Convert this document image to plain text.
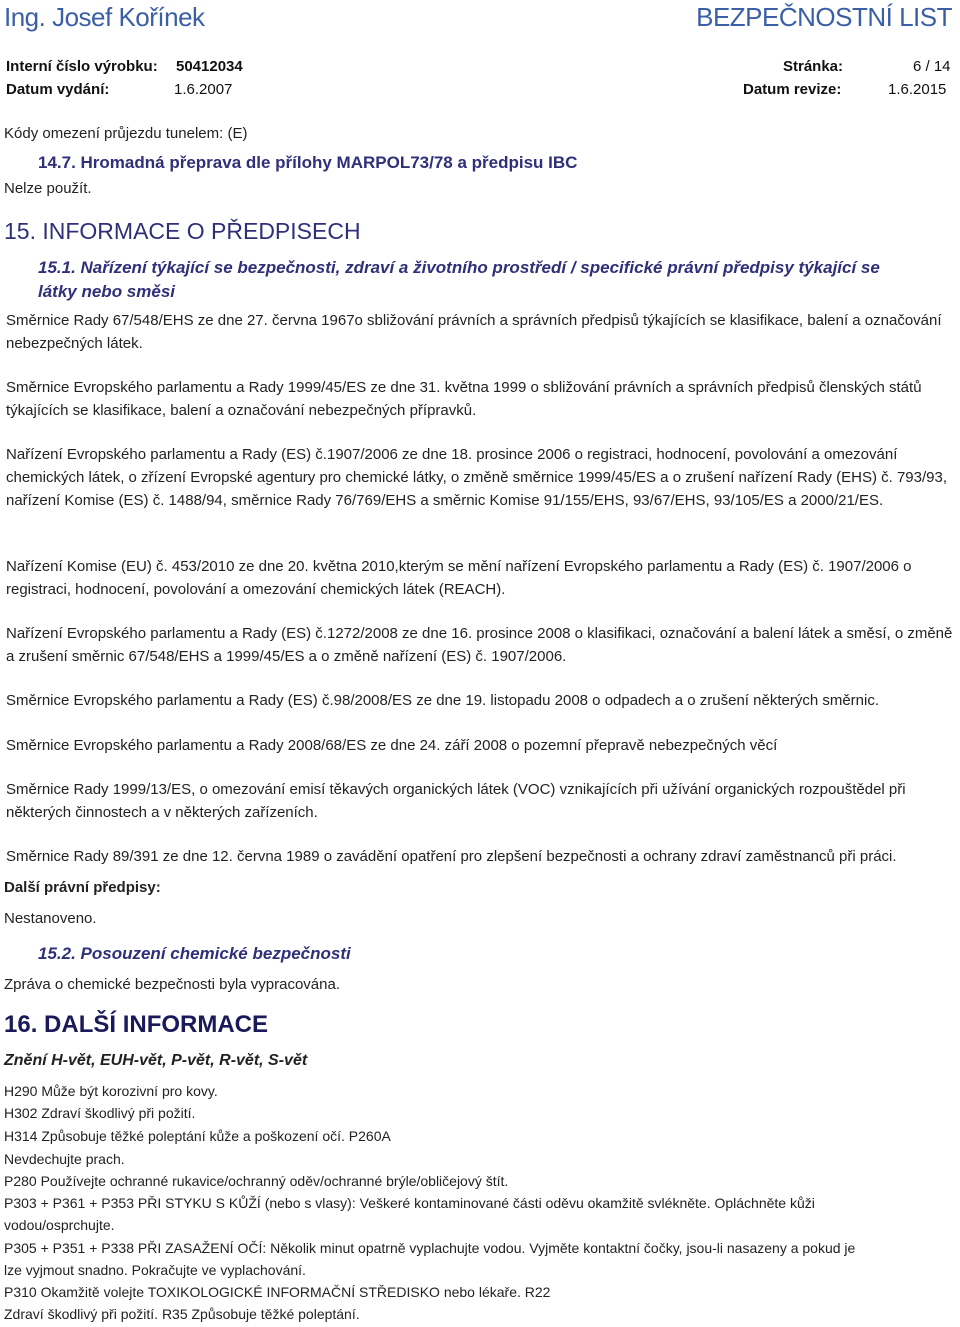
Ing. Josef Kořínek	BEZPEČNOSTNÍ LIST
Interní číslo výrobku: 50412034	Stránka:	6 / 14
Datum vydání:	1.6.2007	Datum revize:	1.6.2015
Kódy omezení průjezdu tunelem: (E)
14.7. Hromadná přeprava dle přílohy MARPOL73/78 a předpisu IBC
Nelze použít.
15. INFORMACE O PŘEDPISECH
15.1. Nařízení týkající se bezpečnosti, zdraví a životního prostředí / specifické právní předpisy týkající se látky nebo směsi
Směrnice Rady 67/548/EHS ze dne 27. června 1967o sbližování právních a správních předpisů týkajících se klasifikace, balení a označování nebezpečných látek.
Směrnice Evropského parlamentu a Rady 1999/45/ES ze dne 31. května 1999 o sbližování právních a správních předpisů členských států týkajících se klasifikace, balení a označování nebezpečných přípravků.
Nařízení Evropského parlamentu a Rady (ES) č.1907/2006 ze dne 18. prosince 2006 o registraci, hodnocení, povolování a omezování chemických látek, o zřízení Evropské agentury pro chemické látky, o změně směrnice 1999/45/ES a o zrušení nařízení Rady (EHS) č. 793/93, nařízení Komise (ES) č. 1488/94, směrnice Rady 76/769/EHS a směrnic Komise 91/155/EHS, 93/67/EHS, 93/105/ES a 2000/21/ES.
Nařízení Komise (EU) č. 453/2010 ze dne 20. května 2010,kterým se mění nařízení Evropského parlamentu a Rady (ES) č. 1907/2006 o registraci, hodnocení, povolování a omezování chemických látek (REACH).
Nařízení Evropského parlamentu a Rady (ES) č.1272/2008 ze dne 16. prosince 2008 o klasifikaci, označování a balení látek a směsí, o změně a zrušení směrnic 67/548/EHS a 1999/45/ES a o změně nařízení (ES) č. 1907/2006.
Směrnice Evropského parlamentu a Rady (ES) č.98/2008/ES ze dne 19. listopadu 2008 o odpadech a o zrušení některých směrnic.
Směrnice Evropského parlamentu a Rady 2008/68/ES ze dne 24. září 2008 o pozemní přepravě nebezpečných věcí
Směrnice Rady 1999/13/ES, o omezování emisí těkavých organických látek (VOC) vznikajících při užívání organických rozpouštědel při některých činnostech a v některých zařízeních.
Směrnice Rady 89/391 ze dne 12. června 1989 o zavádění opatření pro zlepšení bezpečnosti a ochrany zdraví zaměstnanců při práci.
Další právní předpisy:
Nestanoveno.
15.2. Posouzení chemické bezpečnosti
Zpráva o chemické bezpečnosti byla vypracována.
16. DALŠÍ INFORMACE
Znění H-vět, EUH-vět, P-vět, R-vět, S-vět
H290 Může být korozivní pro kovy.
H302 Zdraví škodlivý při požití.
H314 Způsobuje těžké poleptání kůže a poškození očí. P260A
Nevdechujte prach.
P280 Používejte ochranné rukavice/ochranný oděv/ochranné brýle/obličejový štít.
P303 + P361 + P353 PŘI STYKU S KŮŽÍ (nebo s vlasy): Veškeré kontaminované části oděvu okamžitě svlékněte. Opláchněte kůži
vodou/osprchujte.
P305 + P351 + P338 PŘI ZASAŽENÍ OČÍ: Několik minut opatrně vyplachujte vodou. Vyjměte kontaktní čočky, jsou-li nasazeny a pokud je
lze vyjmout snadno. Pokračujte ve vyplachování.
P310 Okamžitě volejte TOXIKOLOGICKÉ INFORMAČNÍ STŘEDISKO nebo lékaře. R22
Zdraví škodlivý při požití. R35 Způsobuje těžké poleptání.
